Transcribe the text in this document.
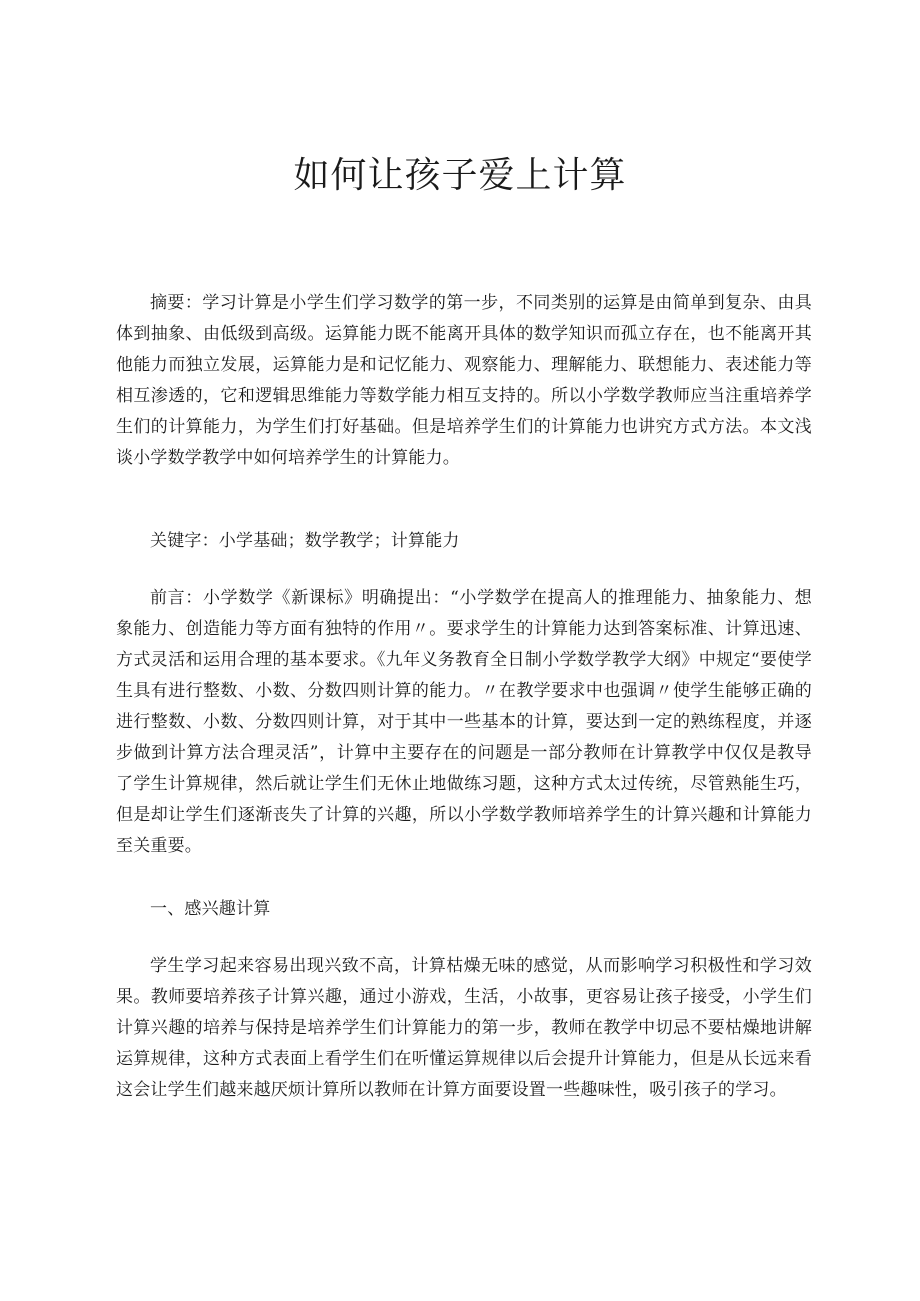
如何让孩子爱上计算

摘要：学习计算是小学生们学习数学的第一步，不同类别的运算是由简单到复杂、由具体到抽象、由低级到高级。运算能力既不能离开具体的数学知识而孤立存在，也不能离开其他能力而独立发展，运算能力是和记忆能力、观察能力、理解能力、联想能力、表述能力等相互渗透的，它和逻辑思维能力等数学能力相互支持的。所以小学数学教师应当注重培养学生们的计算能力，为学生们打好基础。但是培养学生们的计算能力也讲究方式方法。本文浅谈小学数学教学中如何培养学生的计算能力。

关键字：小学基础；数学教学；计算能力

前言：小学数学《新课标》明确提出：“小学数学在提高人的推理能力、抽象能力、想象能力、创造能力等方面有独特的作用〃。要求学生的计算能力达到答案标准、计算迅速、方式灵活和运用合理的基本要求。《九年义务教育全日制小学数学教学大纲》中规定“要使学生具有进行整数、小数、分数四则计算的能力。〃在教学要求中也强调〃使学生能够正确的进行整数、小数、分数四则计算，对于其中一些基本的计算，要达到一定的熟练程度，并逐步做到计算方法合理灵活”，计算中主要存在的问题是一部分教师在计算教学中仅仅是教导了学生计算规律，然后就让学生们无休止地做练习题，这种方式太过传统，尽管熟能生巧，但是却让学生们逐渐丧失了计算的兴趣，所以小学数学教师培养学生的计算兴趣和计算能力至关重要。

一、感兴趣计算

学生学习起来容易出现兴致不高，计算枯燥无味的感觉，从而影响学习积极性和学习效果。教师要培养孩子计算兴趣，通过小游戏，生活，小故事，更容易让孩子接受，小学生们计算兴趣的培养与保持是培养学生们计算能力的第一步，教师在教学中切忌不要枯燥地讲解运算规律，这种方式表面上看学生们在听懂运算规律以后会提升计算能力，但是从长远来看这会让学生们越来越厌烦计算所以教师在计算方面要设置一些趣味性，吸引孩子的学习。
